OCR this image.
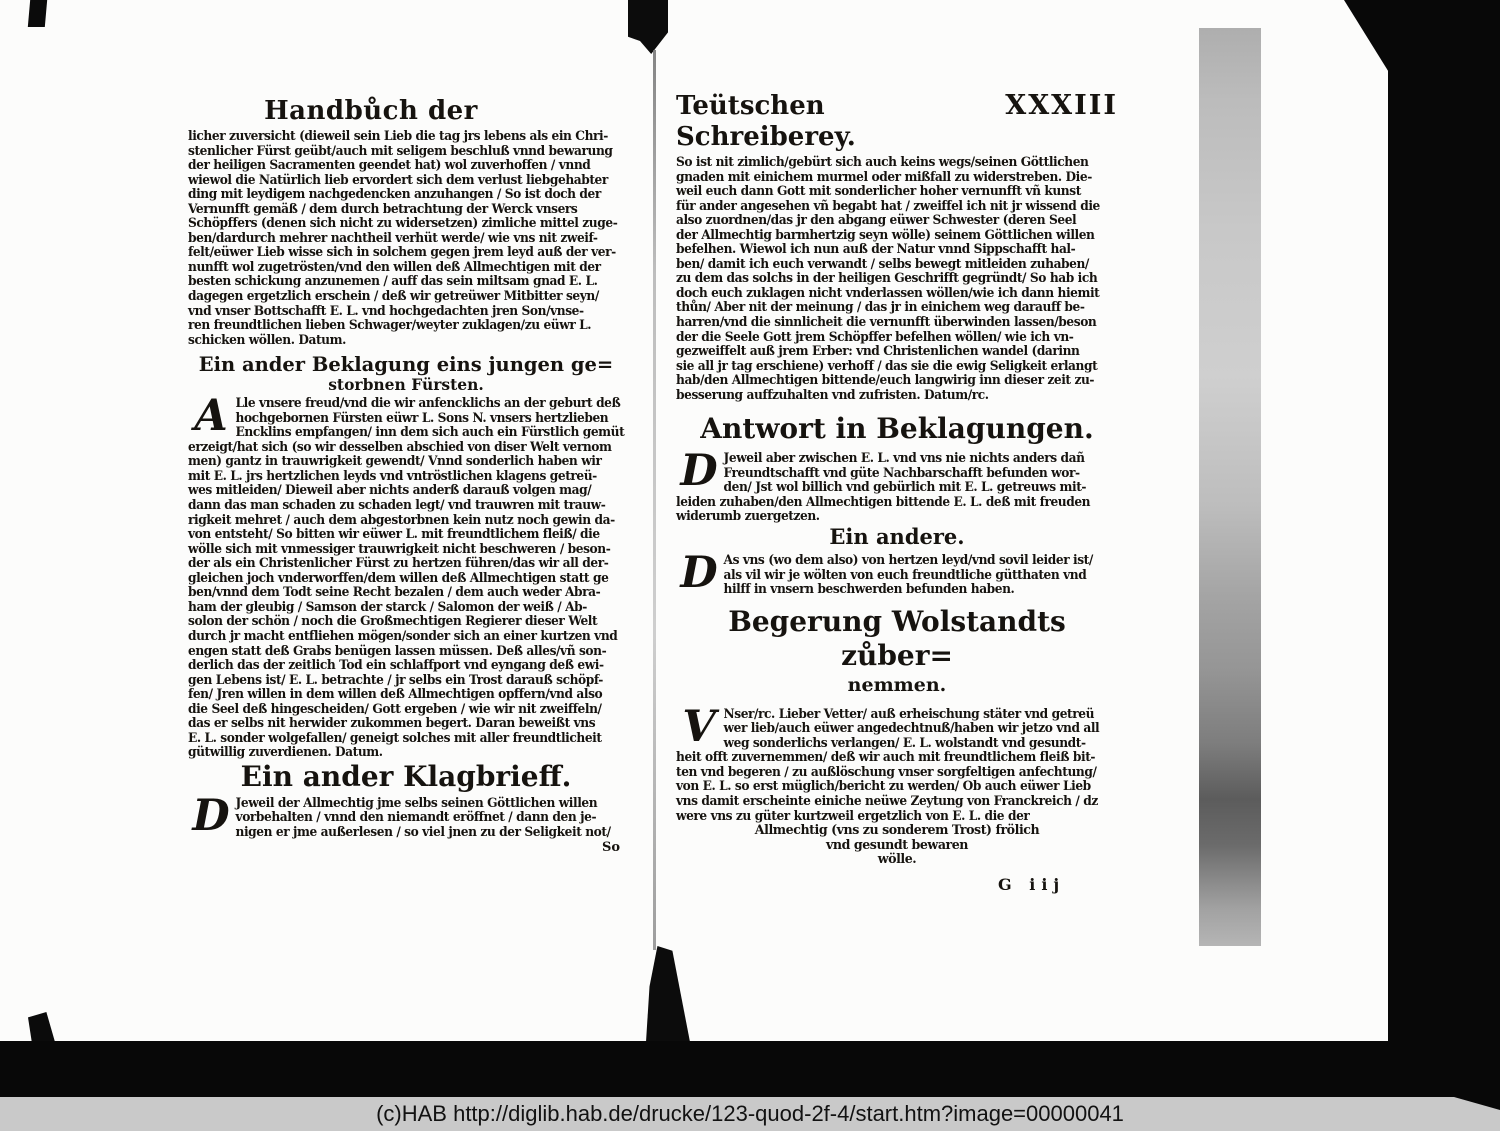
Handbůch der
licher zuversicht (dieweil sein Lieb die tag jrs lebens als ein Chri-
stenlicher Fürst geübt/auch mit seligem beschluß vnnd bewarung
der heiligen Sacramenten geendet hat) wol zuverhoffen / vnnd
wiewol die Natürlich lieb ervordert sich dem verlust liebgehabter
ding mit leydigem nachgedencken anzuhangen / So ist doch der
Vernunfft gemäß / dem durch betrachtung der Werck vnsers
Schöpffers (denen sich nicht zu widersetzen) zimliche mittel zuge-
ben/dardurch mehrer nachtheil verhüt werde/ wie vns nit zweif-
felt/eüwer Lieb wisse sich in solchem gegen jrem leyd auß der ver-
nunfft wol zugetrösten/vnd den willen deß Allmechtigen mit der
besten schickung anzunemen / auff das sein miltsam gnad E. L.
dagegen ergetzlich erschein / deß wir getreüwer Mitbitter seyn/
vnd vnser Bottschafft E. L. vnd hochgedachten jren Son/vnse-
ren freundtlichen lieben Schwager/weyter zuklagen/zu eüwr L.
schicken wöllen. Datum.
Ein ander Beklagung eins jungen ge=
storbnen Fürsten.
A Lle vnsere freud/vnd die wir anfencklichs an der geburt deß
hochgebornen Fürsten eüwr L. Sons N. vnsers hertzlieben
Encklins empfangen/ inn dem sich auch ein Fürstlich gemüt
erzeigt/hat sich (so wir desselben abschied von diser Welt vernom
men) gantz in trauwrigkeit gewendt/ Vnnd sonderlich haben wir
mit E. L. jrs hertzlichen leyds vnd vntröstlichen klagens getreü-
wes mitleiden/ Dieweil aber nichts anderß darauß volgen mag/
dann das man schaden zu schaden legt/ vnd trauwren mit trauw-
rigkeit mehret / auch dem abgestorbnen kein nutz noch gewin da-
von entsteht/ So bitten wir eüwer L. mit freundtlichem fleiß/ die
wölle sich mit vnmessiger trauwrigkeit nicht beschweren / beson-
der als ein Christenlicher Fürst zu hertzen führen/das wir all der-
gleichen joch vnderworffen/dem willen deß Allmechtigen statt ge
ben/vnnd dem Todt seine Recht bezalen / dem auch weder Abra-
ham der gleubig / Samson der starck / Salomon der weiß / Ab-
solon der schön / noch die Großmechtigen Regierer dieser Welt
durch jr macht entfliehen mögen/sonder sich an einer kurtzen vnd
engen statt deß Grabs benügen lassen müssen. Deß alles/vñ son-
derlich das der zeitlich Tod ein schlaffport vnd eyngang deß ewi-
gen Lebens ist/ E. L. betrachte / jr selbs ein Trost darauß schöpf-
fen/ Jren willen in dem willen deß Allmechtigen opffern/vnd also
die Seel deß hingescheiden/ Gott ergeben / wie wir nit zweiffeln/
das er selbs nit herwider zukommen begert. Daran beweißt vns
E. L. sonder wolgefallen/ geneigt solches mit aller freundtlicheit
gütwillig zuverdienen. Datum.
Ein ander Klagbrieff.
D Jeweil der Allmechtig jme selbs seinen Göttlichen willen
vorbehalten / vnnd den niemandt eröffnet / dann den je-
nigen er jme außerlesen / so viel jnen zu der Seligkeit not/
So
Teütschen Schreiberey.
XXXIII
So ist nit zimlich/gebürt sich auch keins wegs/seinen Göttlichen
gnaden mit einichem murmel oder mißfall zu widerstreben. Die-
weil euch dann Gott mit sonderlicher hoher vernunfft vñ kunst
für ander angesehen vñ begabt hat / zweiffel ich nit jr wissend die
also zuordnen/das jr den abgang eüwer Schwester (deren Seel
der Allmechtig barmhertzig seyn wölle) seinem Göttlichen willen
befelhen. Wiewol ich nun auß der Natur vnnd Sippschafft hal-
ben/ damit ich euch verwandt / selbs bewegt mitleiden zuhaben/
zu dem das solchs in der heiligen Geschrifft gegründt/ So hab ich
doch euch zuklagen nicht vnderlassen wöllen/wie ich dann hiemit
thůn/ Aber nit der meinung / das jr in einichem weg darauff be-
harren/vnd die sinnlicheit die vernunfft überwinden lassen/beson
der die Seele Gott jrem Schöpffer befelhen wöllen/ wie ich vn-
gezweiffelt auß jrem Erber: vnd Christenlichen wandel (darinn
sie all jr tag erschiene) verhoff / das sie die ewig Seligkeit erlangt
hab/den Allmechtigen bittende/euch langwirig inn dieser zeit zu-
besserung auffzuhalten vnd zufristen. Datum/rc.
Antwort in Beklagungen.
D Jeweil aber zwischen E. L. vnd vns nie nichts anders dañ
Freundtschafft vnd güte Nachbarschafft befunden wor-
den/ Jst wol billich vnd gebürlich mit E. L. getreuws mit-
leiden zuhaben/den Allmechtigen bittende E. L. deß mit freuden
widerumb zuergetzen.
Ein andere.
D As vns (wo dem also) von hertzen leyd/vnd sovil leider ist/
als vil wir je wölten von euch freundtliche gütthaten vnd
hilff in vnsern beschwerden befunden haben.
Begerung Wolstandts zůber=
nemmen.
V Nser/rc. Lieber Vetter/ auß erheischung stäter vnd getreü
wer lieb/auch eüwer angedechtnuß/haben wir jetzo vnd all
weg sonderlichs verlangen/ E. L. wolstandt vnd gesundt-
heit offt zuvernemmen/ deß wir auch mit freundtlichem fleiß bit-
ten vnd begeren / zu außlöschung vnser sorgfeltigen anfechtung/
von E. L. so erst müglich/bericht zu werden/ Ob auch eüwer Lieb
vns damit erscheinte einiche neüwe Zeytung von Franckreich / dz
were vns zu güter kurtzweil ergetzlich von E. L. die der
Allmechtig (vns zu sonderem Trost) frölich
vnd gesundt bewaren
wölle.
G iij
(c)HAB http://diglib.hab.de/drucke/123-quod-2f-4/start.htm?image=00000041
